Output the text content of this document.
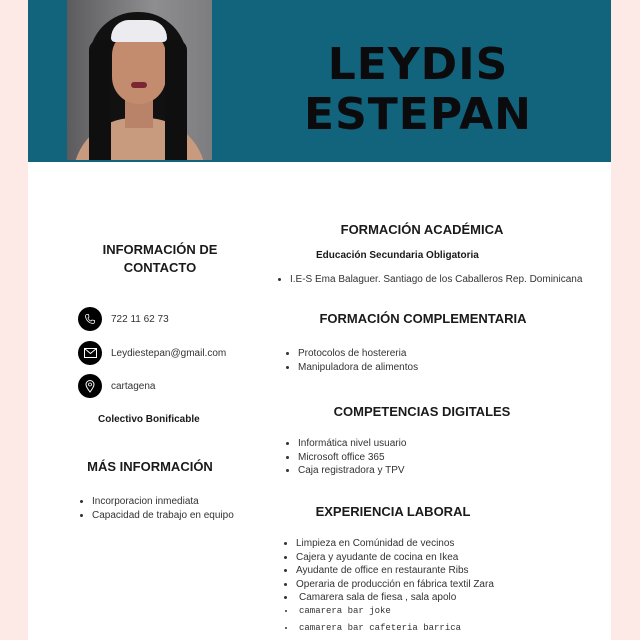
LEYDIS
ESTEPAN
INFORMACIÓN DE
CONTACTO
722 11 62 73
Leydiestepan@gmail.com
cartagena
Colectivo Bonificable
MÁS INFORMACIÓN
• Incorporacion inmediata
• Capacidad de trabajo en equipo
FORMACIÓN ACADÉMICA
Educación Secundaria Obligatoria
• I.E-S Ema Balaguer. Santiago de los Caballeros Rep. Dominicana
FORMACIÓN COMPLEMENTARIA
• Protocolos de hostereria
• Manipuladora de alimentos
COMPETENCIAS DIGITALES
• Informática nivel usuario
• Microsoft office 365
• Caja registradora y TPV
EXPERIENCIA LABORAL
• Limpieza en Comúnidad de vecinos
• Cajera y ayudante de cocina en Ikea
• Ayudante de office en restaurante Ribs
• Operaria de producción en fábrica textil Zara
• Camarera sala de fiesa , sala apolo
• camarera bar joke
• camarera bar cafeteria barrica
